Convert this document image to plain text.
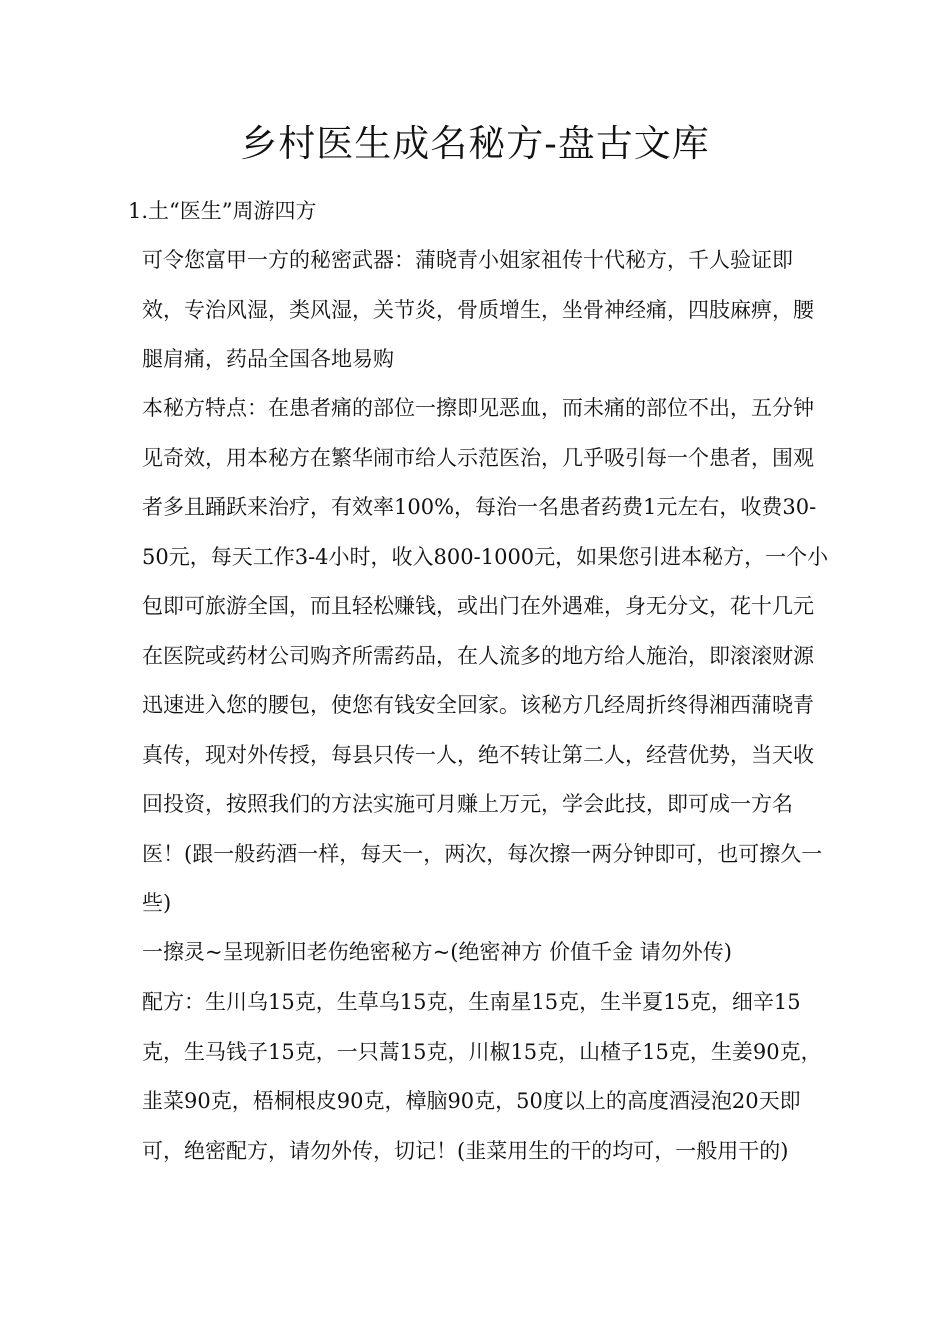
乡村医生成名秘方-盘古文库
1.土“医生”周游四方

可令您富甲一方的秘密武器：蒲晓青小姐家祖传十代秘方，千人验证即效，专治风湿，类风湿，关节炎，骨质增生，坐骨神经痛，四肢麻痹，腰腿肩痛，药品全国各地易购

本秘方特点：在患者痛的部位一擦即见恶血，而未痛的部位不出，五分钟见奇效，用本秘方在繁华闹市给人示范医治，几乎吸引每一个患者，围观者多且踊跃来治疗，有效率100%，每治一名患者药费1元左右，收费30-50元，每天工作3-4小时，收入800-1000元，如果您引进本秘方，一个小包即可旅游全国，而且轻松赚钱，或出门在外遇难，身无分文，花十几元在医院或药材公司购齐所需药品，在人流多的地方给人施治，即滚滚财源迅速进入您的腰包，使您有钱安全回家。该秘方几经周折终得湘西蒲晓青真传，现对外传授，每县只传一人，绝不转让第二人，经营优势，当天收回投资，按照我们的方法实施可月赚上万元，学会此技，即可成一方名医！(跟一般药酒一样，每天一，两次，每次擦一两分钟即可，也可擦久一些)

一擦灵~呈现新旧老伤绝密秘方~(绝密神方 价值千金 请勿外传)

配方：生川乌15克，生草乌15克，生南星15克，生半夏15克，细辛15克，生马钱子15克，一只蒿15克，川椒15克，山楂子15克，生姜90克，韭菜90克，梧桐根皮90克，樟脑90克，50度以上的高度酒浸泡20天即可，绝密配方，请勿外传，切记！(韭菜用生的干的均可，一般用干的)
